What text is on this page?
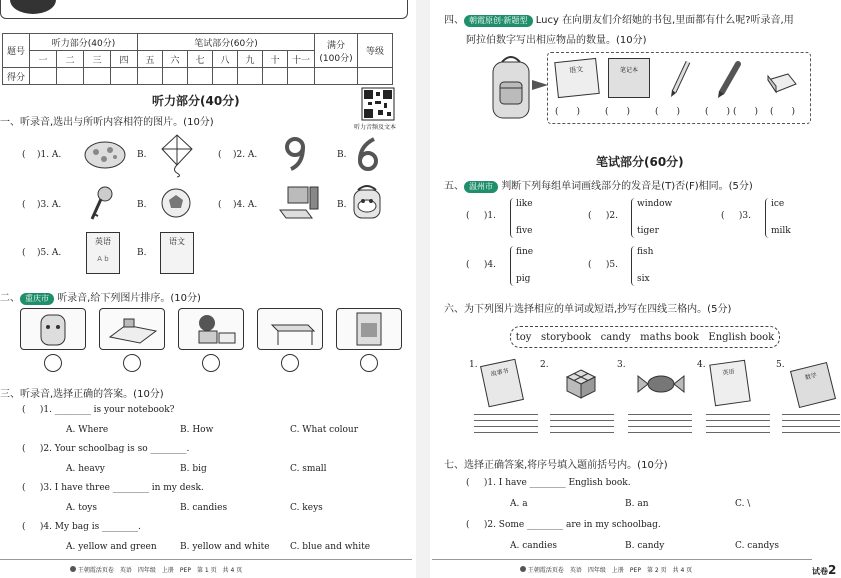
题号	听力部分(40分)				笔试部分(60分)							满分
(100分)	等级
	一	二	三	四	五	六	七	八	九	十	十一		
得分													
听力部分(40分)
听力音频及文本
一、听录音,选出与所听内容相符的图片。(10分)
(    )1. A.	B.	(    )2. A.	B.
(    )3. A.	B.	(    )4. A.	B.
(    )5. A.
英语
A b
B.
语文
二、 重庆市 听录音,给下列图片排序。(10分)
三、听录音,选择正确的答案。(10分)
(     )1. ________ is your notebook?
A. Where	B. How	C. What colour
(     )2. Your schoolbag is so ________.
A. heavy	B. big	C. small
(     )3. I have three ________ in my desk.
A. toys	B. candies	C. keys
(     )4. My bag is ________.
A. yellow and green	B. yellow and white C. blue and white
王朝霞活页卷　英语　四年级　上册　PEP　第 1 页　共 4 页
四、 朝霞原创·新题型 Lucy 在向朋友们介绍她的书包,里面都有什么呢?听录音,用
阿拉伯数字写出相应物品的数量。(10分)
语文	笔记本
(　　)	(　　)	(　　)	(　　) (　　) (　　)
笔试部分(60分)
五、 温州市 判断下列每组单词画线部分的发音是(T)否(F)相同。(5分)
(     )1.
like
five
(     )2.
window
tiger
(     )3.
ice
milk
(     )4.
fine
pig
(     )5.
fish
six
六、为下列图片选择相应的单词或短语,抄写在四线三格内。(5分)
toy storybook candy maths book English book
1.
故事书
2.	3.	4.
英语
5.
数学
七、选择正确答案,将序号填入题前括号内。(10分)
(     )1. I have ________ English book.
A. a	B. an	C. \
(     )2. Some ________ are in my schoolbag.
A. candies	B. candy	C. candys
王朝霞活页卷　英语　四年级　上册　PEP　第 2 页　共 4 页	试卷2
